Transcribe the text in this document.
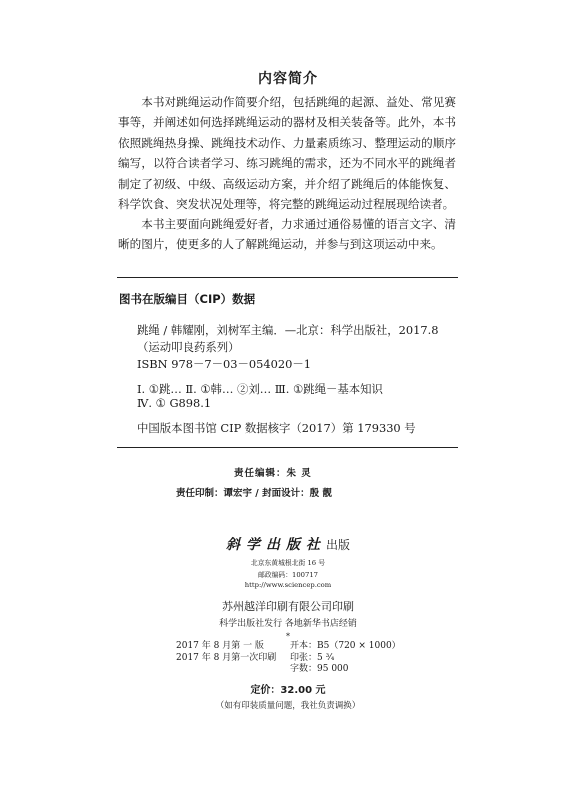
内容简介

本书对跳绳运动作简要介绍，包括跳绳的起源、益处、常见赛事等，并阐述如何选择跳绳运动的器材及相关装备等。此外，本书依照跳绳热身操、跳绳技术动作、力量素质练习、整理运动的顺序编写，以符合读者学习、练习跳绳的需求，还为不同水平的跳绳者制定了初级、中级、高级运动方案，并介绍了跳绳后的体能恢复、科学饮食、突发状况处理等，将完整的跳绳运动过程展现给读者。

本书主要面向跳绳爱好者，力求通过通俗易懂的语言文字、清晰的图片，使更多的人了解跳绳运动，并参与到这项运动中来。

图书在版编目（CIP）数据
跳绳 / 韩耀刚，刘树军主编．—北京：科学出版社，2017.8
（运动叩良药系列）
ISBN 978－7－03－054020－1
Ⅰ. ①跳… Ⅱ. ①韩… ②刘… Ⅲ. ①跳绳－基本知识
Ⅳ. ① G898.1
中国版本图书馆 CIP 数据核字（2017）第 179330 号
责任编辑：朱 灵
责任印制：谭宏宇 / 封面设计：殷 靓
斜学出版社出版
北京东黄城根北街 16 号
邮政编码：100717
http://www.sciencep.com
苏州越洋印刷有限公司印刷
科学出版社发行 各地新华书店经销
*
2017 年 8 月第 一 版	开本：B5（720 × 1000）
2017 年 8 月第一次印刷	印张：5 ³⁄₄
字数：95 000
定价：32.00 元
（如有印装质量问题，我社负责调换）
